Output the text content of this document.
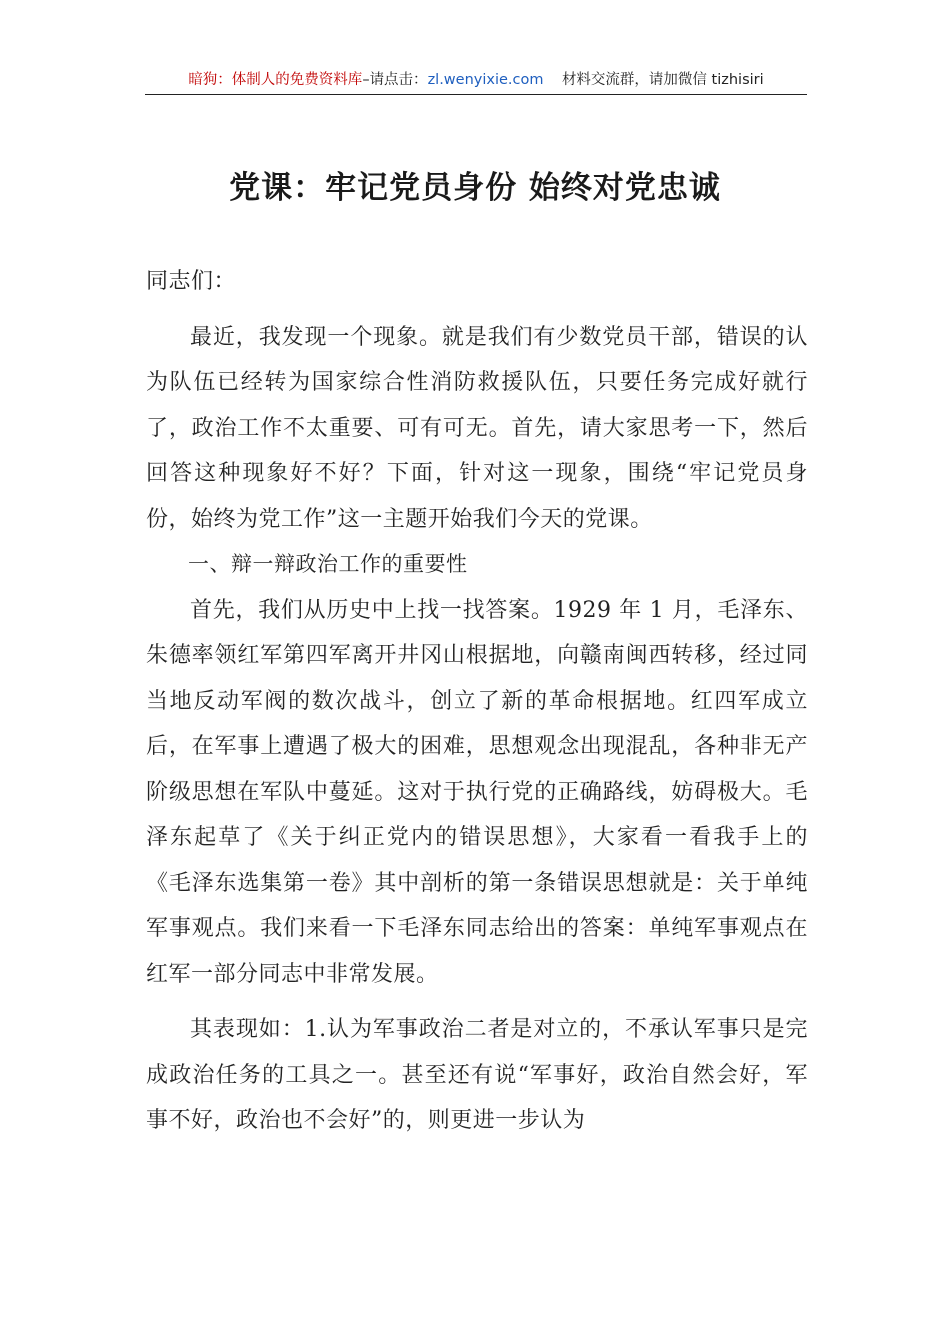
暗狗：体制人的免费资料库–请点击：zl.wenyixie.com 材料交流群，请加微信 tizhisiri
党课：牢记党员身份 始终对党忠诚

同志们：

最近，我发现一个现象。就是我们有少数党员干部，错误的认为队伍已经转为国家综合性消防救援队伍，只要任务完成好就行了，政治工作不太重要、可有可无。首先，请大家思考一下，然后回答这种现象好不好？下面，针对这一现象，围绕“牢记党员身份，始终为党工作”这一主题开始我们今天的党课。

一、辩一辩政治工作的重要性

首先，我们从历史中上找一找答案。1929 年 1 月，毛泽东、朱德率领红军第四军离开井冈山根据地，向赣南闽西转移，经过同当地反动军阀的数次战斗，创立了新的革命根据地。红四军成立后，在军事上遭遇了极大的困难，思想观念出现混乱，各种非无产阶级思想在军队中蔓延。这对于执行党的正确路线，妨碍极大。毛泽东起草了《关于纠正党内的错误思想》，大家看一看我手上的《毛泽东选集第一卷》其中剖析的第一条错误思想就是：关于单纯军事观点。我们来看一下毛泽东同志给出的答案：单纯军事观点在红军一部分同志中非常发展。

其表现如：1.认为军事政治二者是对立的，不承认军事只是完成政治任务的工具之一。甚至还有说“军事好，政治自然会好，军事不好，政治也不会好”的，则更进一步认为
